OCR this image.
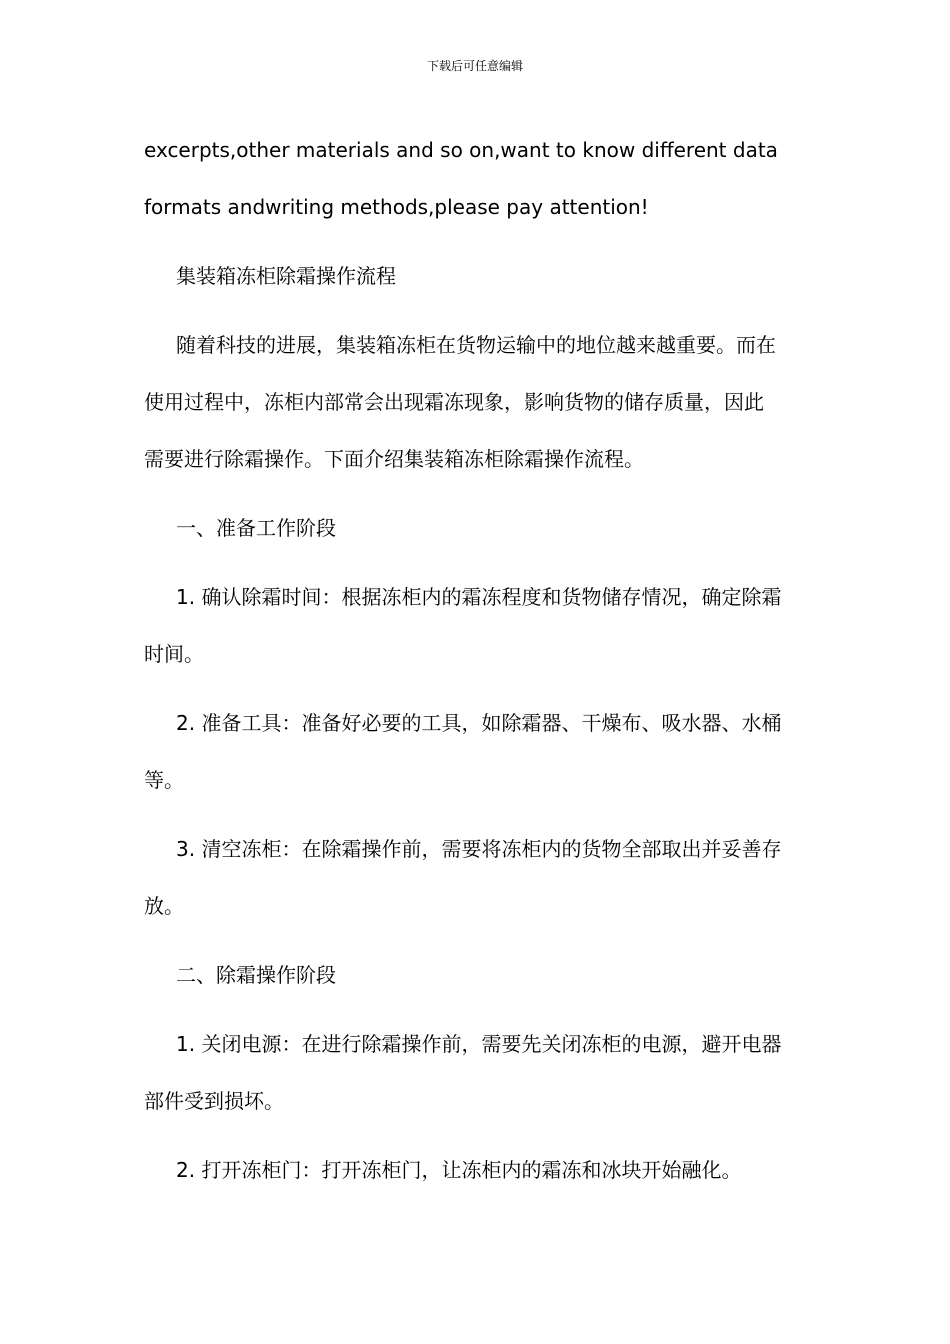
下载后可任意编辑

excerpts,other materials and so on,want to know different data
formats andwriting methods,please pay attention!

集装箱冻柜除霜操作流程

随着科技的进展，集装箱冻柜在货物运输中的地位越来越重要。而在
使用过程中，冻柜内部常会出现霜冻现象，影响货物的储存质量，因此
需要进行除霜操作。下面介绍集装箱冻柜除霜操作流程。

一、准备工作阶段

1. 确认除霜时间：根据冻柜内的霜冻程度和货物储存情况，确定除霜
时间。

2. 准备工具：准备好必要的工具，如除霜器、干燥布、吸水器、水桶
等。

3. 清空冻柜：在除霜操作前，需要将冻柜内的货物全部取出并妥善存
放。

二、除霜操作阶段

1. 关闭电源：在进行除霜操作前，需要先关闭冻柜的电源，避开电器
部件受到损坏。

2. 打开冻柜门：打开冻柜门，让冻柜内的霜冻和冰块开始融化。
